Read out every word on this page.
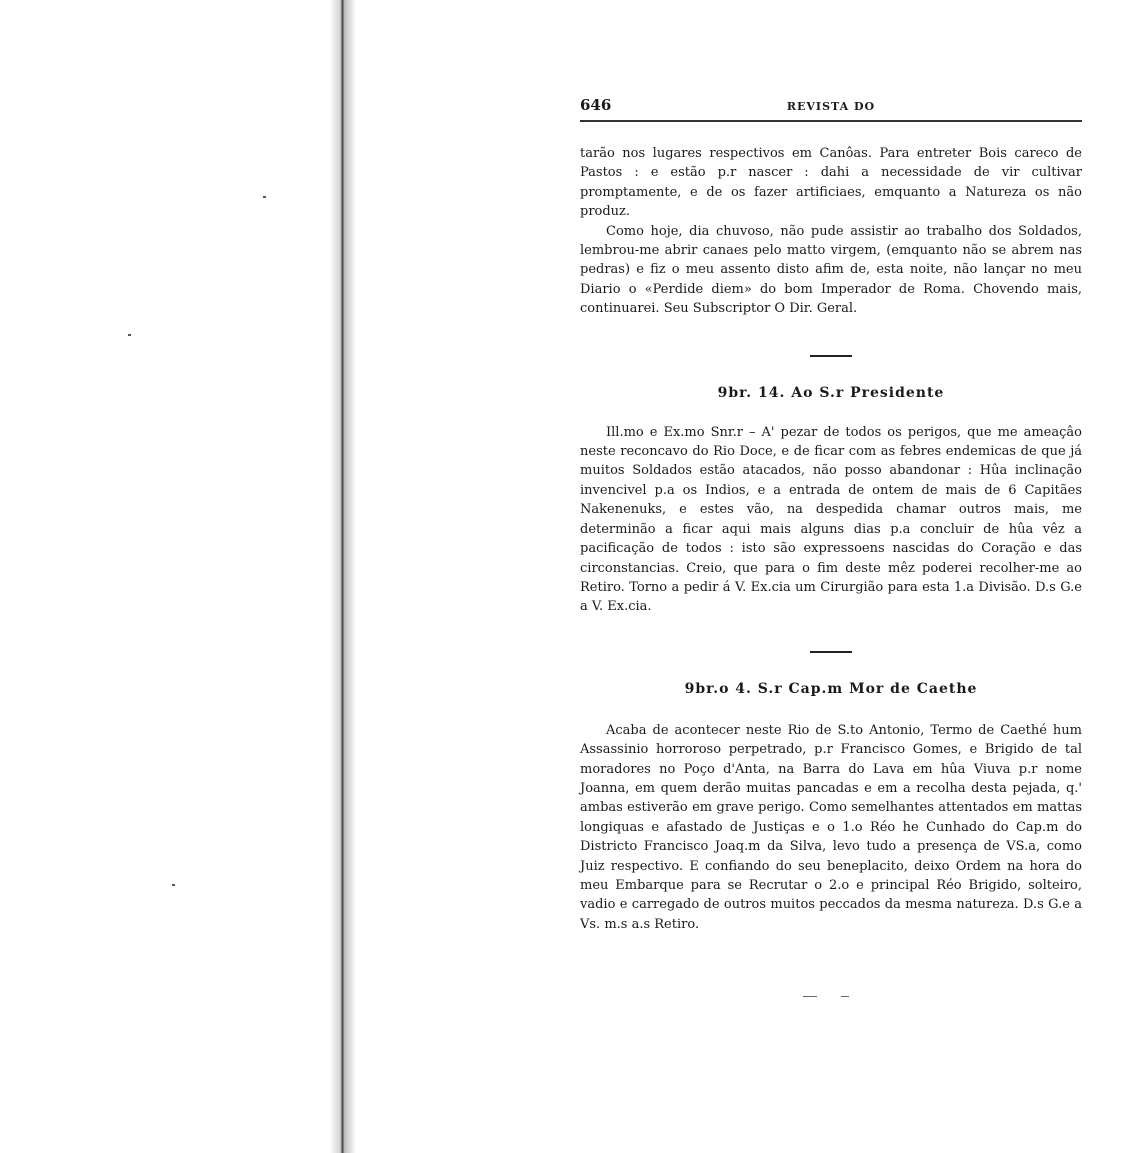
646	REVISTA DO

tarão nos lugares respectivos em Canôas. Para entreter Bois careco de Pastos : e estão p.r nascer : dahi a necessidade de vir cultivar promptamente, e de os fazer artificiaes, emquanto a Natureza os não produz.

Como hoje, dia chuvoso, não pude assistir ao trabalho dos Soldados, lembrou-me abrir canaes pelo matto virgem, (emquanto não se abrem nas pedras) e fiz o meu assento disto afim de, esta noite, não lançar no meu Diario o «Perdide diem» do bom Imperador de Roma. Chovendo mais, continuarei. Seu Subscriptor O Dir. Geral.

9br. 14. Ao S.r Presidente

Ill.mo e Ex.mo Snr.r – A' pezar de todos os perigos, que me ameaçâo neste reconcavo do Rio Doce, e de ficar com as febres endemicas de que já muitos Soldados estão atacados, não posso abandonar : Hûa inclinação invencivel p.a os Indios, e a entrada de ontem de mais de 6 Capitães Nakenenuks, e estes vão, na despedida chamar outros mais, me determinão a ficar aqui mais alguns dias p.a concluir de hûa vêz a pacificação de todos : isto são expressoens nascidas do Coração e das circonstancias. Creio, que para o fim deste mêz poderei recolher-me ao Retiro. Torno a pedir á V. Ex.cia um Cirurgião para esta 1.a Divisão. D.s G.e a V. Ex.cia.

9br.o 4. S.r Cap.m Mor de Caethe

Acaba de acontecer neste Rio de S.to Antonio, Termo de Caethé hum Assassinio horroroso perpetrado, p.r Francisco Gomes, e Brigido de tal moradores no Poço d'Anta, na Barra do Lava em hûa Viuva p.r nome Joanna, em quem derão muitas pancadas e em a recolha desta pejada, q.' ambas estiverão em grave perigo. Como semelhantes attentados em mattas longiquas e afastado de Justiças e o 1.o Réo he Cunhado do Cap.m do Districto Francisco Joaq.m da Silva, levo tudo a presença de VS.a, como Juiz respectivo. E confiando do seu beneplacito, deixo Ordem na hora do meu Embarque para se Recrutar o 2.o e principal Réo Brigido, solteiro, vadio e carregado de outros muitos peccados da mesma natureza. D.s G.e a Vs. m.s a.s Retiro.
